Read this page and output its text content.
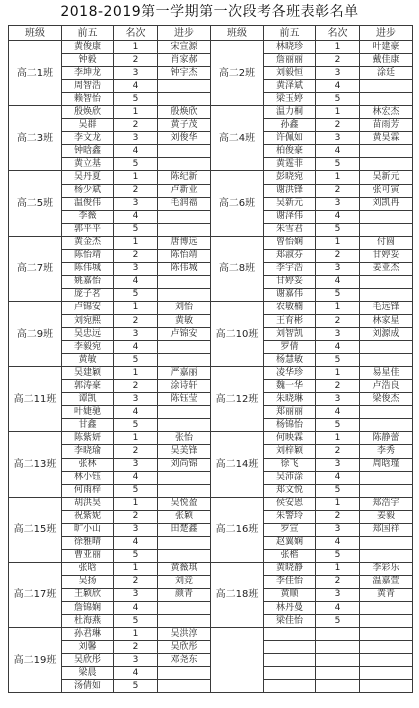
2018-2019第一学期第一次段考各班表彰名单
班级	前五	名次	进步	班级	前五	名次	进步
高二1班	黄俊康	1	宋宣源	高二2班	林晓珍	1	叶建豪
	钟毅	2	肖家郝		詹丽丽	2	戴佳康
	李坤龙	3	钟宇杰		刘毅恒	3	涂廷
	周智浩	4			黄泽斌	4	
	赖智怡	5			梁玉婷	5	
高二3班	殷焕欣	1	殷焕欣	高二4班	温力桐	1	林宏杰
	吴群	2	黄子茂		孙鑫	2	苗雨芳
	李文龙	3	刘俊华		许佩如	3	黄昊霖
	钟晗鑫	4			柏俊豪	4	
	黄立基	5			黄霆菲	5	
高二5班	吴丹夏	1	陈纪新	高二6班	彭晓宛	1	吴新元
	杨少斌	2	卢新业		谢洪锋	2	张可寅
	温俊伟	3	毛润福		吴新元	3	刘凯冉
	李薇	4			谢泽伟	4	
	郭平平	5			朱雪君	5	
高二7班	黄金杰	1	唐博远	高二8班	曾怡娴	1	付圆
	陈怡靖	2	陈怡靖		郑淑芬	2	甘婷妥
	陈伟城	3	陈伟城		李宇浩	3	姜亚杰
	姚嘉怡	4			甘婷妥	4	
	庞子茗	5			谢嘉伟	5	
高二9班	卢锦安	1	刘怡	高二10班	农敏楠	1	毛远锋
	刘宛熙	2	黄敏		王育彬	2	林家星
	吴忠远	3	卢锦安		刘智凯	3	刘源成
	李毅宛	4			罗倩	4	
	黄敏	5			杨慧敏	5	
高二11班	吴建颖	1	严嘉丽	高二12班	凌华珍	1	易星佳
	郭涛豪	2	涂诗轩		魏一华	2	卢浩良
	谭凯	3	陈钰莹		朱晓琳	3	梁俊杰
	叶婕驰	4			郑丽丽	4	
	甘鑫	5			杨锦怡	5	
高二13班	陈紫妍	1	张怡	高二14班	何映霖	1	陈静蕾
	李晓瑜	2	吴美锋		刘梓颖	2	李秀
	张林	3	刘尚锦		徐飞	3	周晗瑾
	林小钰	4			吴沛涂	4	
	何雨梓	5			郑文悦	5	
高二15班	胡洪昊	1	吴悦盈	高二16班	侯安恩	1	郑浩宇
	祝紫妮	2	张颖		朱警玲	2	姜毅
	旷小山	3	田楚鑫		罗宣	3	郑国祥
	徐雅晴	4			赵翼娴	4	
	曹亚丽	5			张楷	5	
高二17班	张晗	1	黄薇琪	高二18班	黄晓静	1	李彩乐
	吴扬	2	刘竞		李佳怡	2	温嘉萱
	王颖欣	3	颜青		黄顺	3	黄青
	詹锦娴	4			林丹曼	4	
	杜海燕	5			梁佳怡	5	
高二19班	孙君琳	1	吴洪淳				
	刘馨	2	吴欣彤				
	吴欣彤	3	邓尧东				
	梁晨	4					
	汤倩如	5					
